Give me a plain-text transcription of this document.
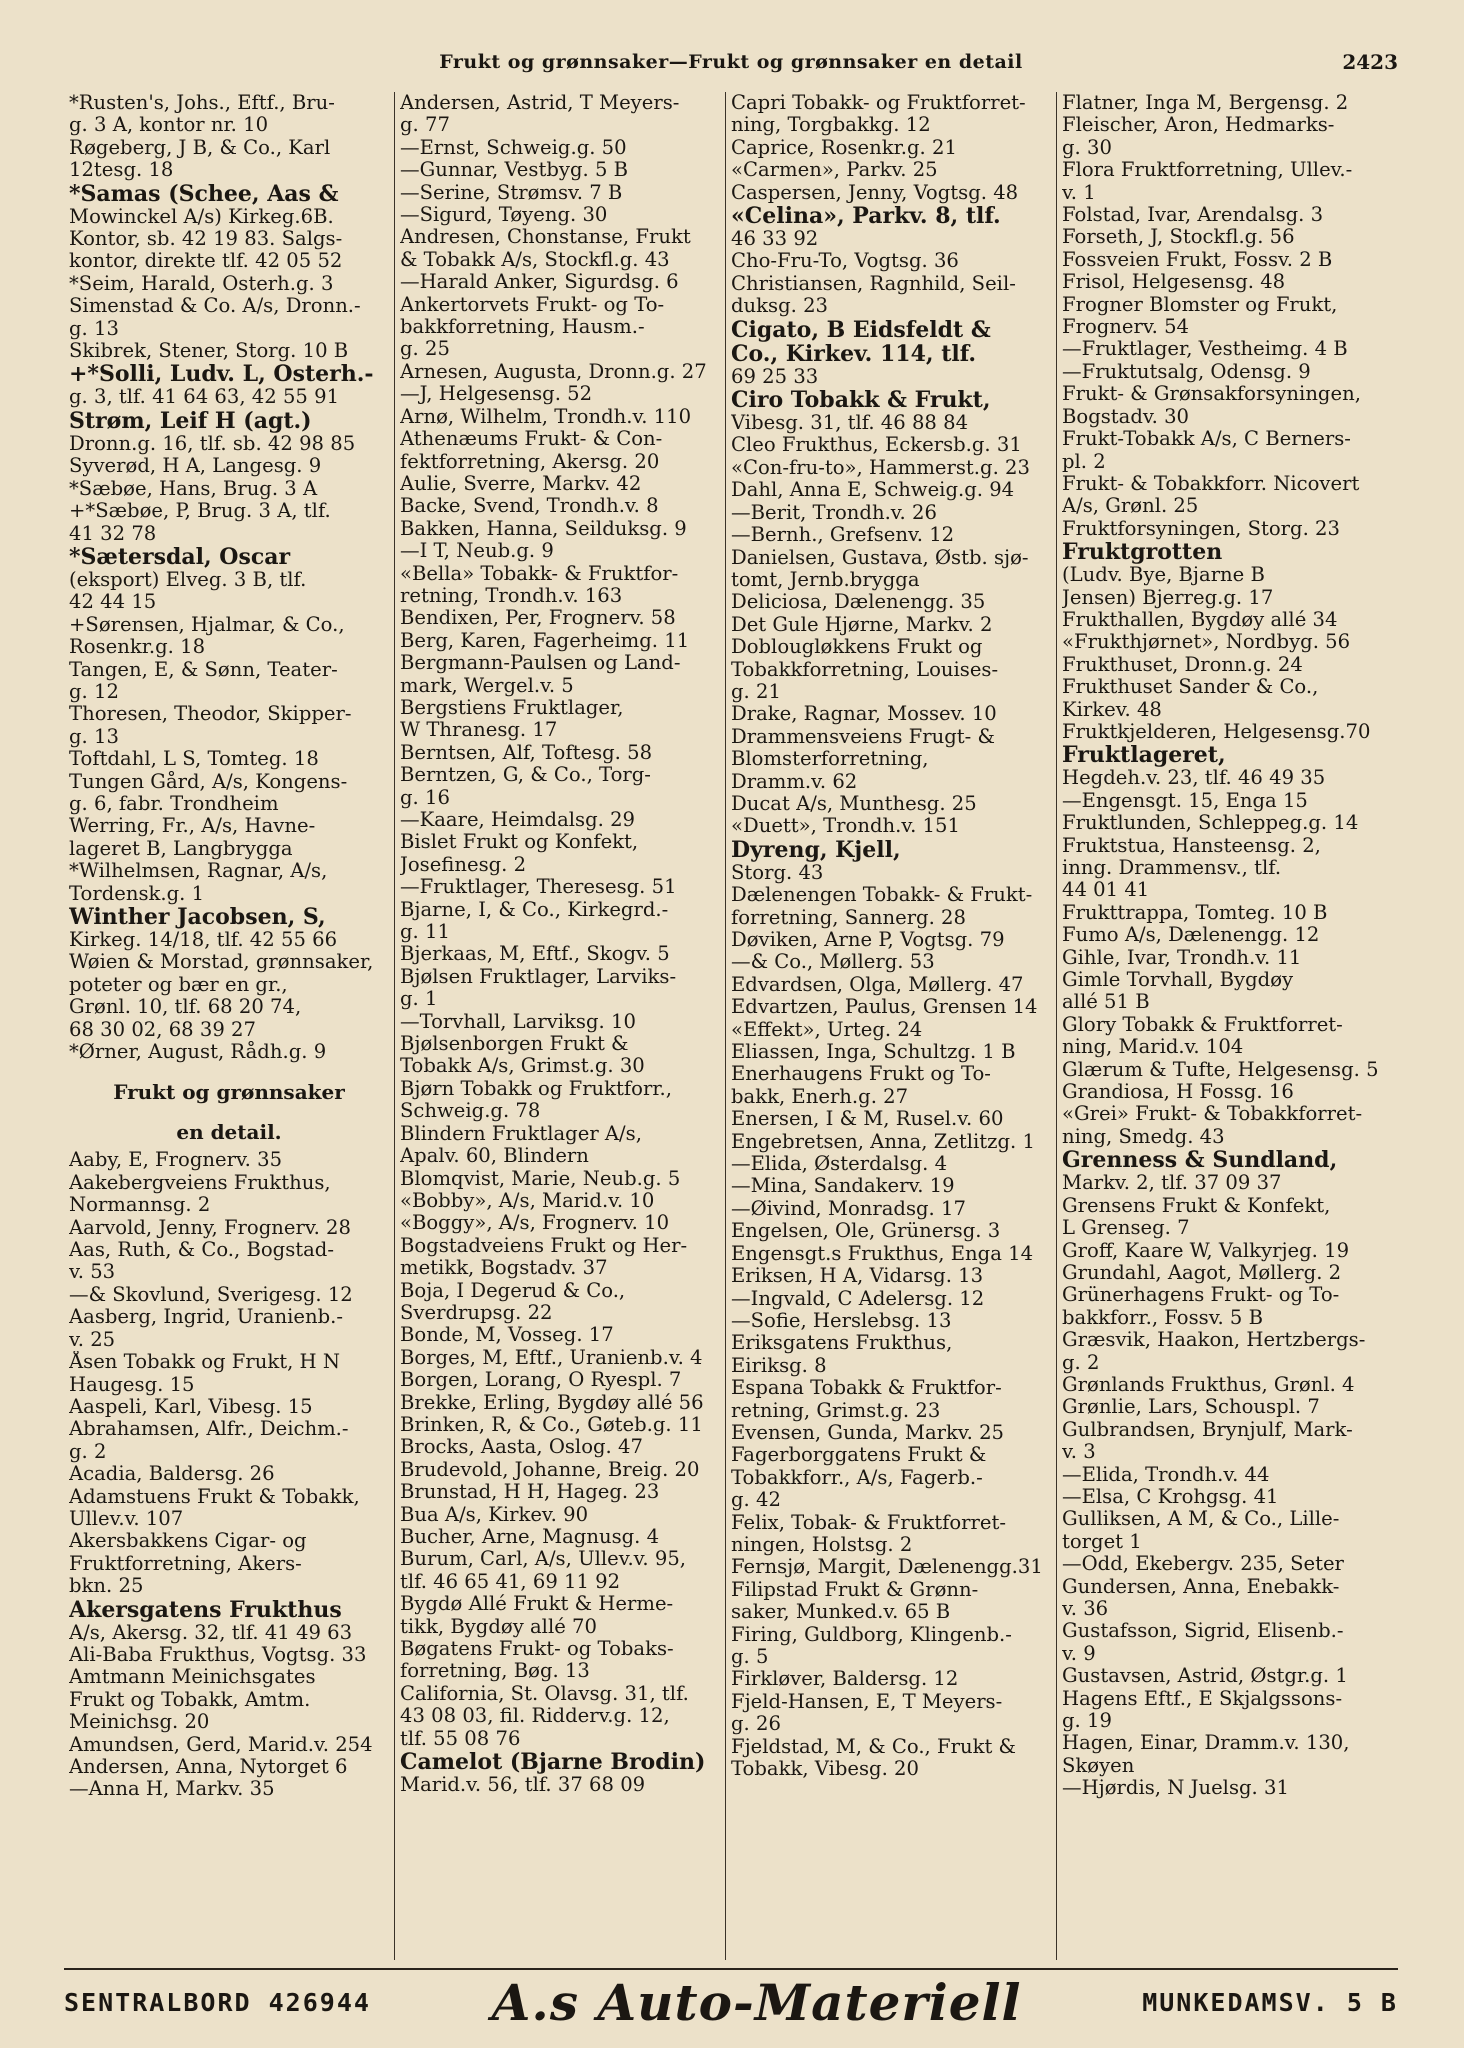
Frukt og grønnsaker—Frukt og grønnsaker en detail	2423
*Rusten's, Johs., Eftf., Bru-
g. 3 A, kontor nr. 10
Røgeberg, J B, & Co., Karl
12tesg. 18
*Samas (Schee, Aas &
Mowinckel A/s) Kirkeg.6B.
Kontor, sb. 42 19 83. Salgs-
kontor, direkte tlf. 42 05 52
*Seim, Harald, Osterh.g. 3
Simenstad & Co. A/s, Dronn.-
g. 13
Skibrek, Stener, Storg. 10 B
+*Solli, Ludv. L, Osterh.-
g. 3, tlf. 41 64 63, 42 55 91
Strøm, Leif H (agt.)
Dronn.g. 16, tlf. sb. 42 98 85
Syverød, H A, Langesg. 9
*Sæbøe, Hans, Brug. 3 A
+*Sæbøe, P, Brug. 3 A, tlf.
41 32 78
*Sætersdal, Oscar
(eksport) Elveg. 3 B, tlf.
42 44 15
+Sørensen, Hjalmar, & Co.,
Rosenkr.g. 18
Tangen, E, & Sønn, Teater-
g. 12
Thoresen, Theodor, Skipper-
g. 13
Toftdahl, L S, Tomteg. 18
Tungen Gård, A/s, Kongens-
g. 6, fabr. Trondheim
Werring, Fr., A/s, Havne-
lageret B, Langbrygga
*Wilhelmsen, Ragnar, A/s,
Tordensk.g. 1
Winther Jacobsen, S,
Kirkeg. 14/18, tlf. 42 55 66
Wøien & Morstad, grønnsaker,
poteter og bær en gr.,
Grønl. 10, tlf. 68 20 74,
68 30 02, 68 39 27
*Ørner, August, Rådh.g. 9
Frukt og grønnsaker
en detail.
Aaby, E, Frognerv. 35
Aakebergveiens Frukthus,
Normannsg. 2
Aarvold, Jenny, Frognerv. 28
Aas, Ruth, & Co., Bogstad-
v. 53
—& Skovlund, Sverigesg. 12
Aasberg, Ingrid, Uranienb.-
v. 25
Åsen Tobakk og Frukt, H N
Haugesg. 15
Aaspeli, Karl, Vibesg. 15
Abrahamsen, Alfr., Deichm.-
g. 2
Acadia, Baldersg. 26
Adamstuens Frukt & Tobakk,
Ullev.v. 107
Akersbakkens Cigar- og
Fruktforretning, Akers-
bkn. 25
Akersgatens Frukthus
A/s, Akersg. 32, tlf. 41 49 63
Ali-Baba Frukthus, Vogtsg. 33
Amtmann Meinichsgates
Frukt og Tobakk, Amtm.
Meinichsg. 20
Amundsen, Gerd, Marid.v. 254
Andersen, Anna, Nytorget 6
—Anna H, Markv. 35
Andersen, Astrid, T Meyers-
g. 77
—Ernst, Schweig.g. 50
—Gunnar, Vestbyg. 5 B
—Serine, Strømsv. 7 B
—Sigurd, Tøyeng. 30
Andresen, Chonstanse, Frukt
& Tobakk A/s, Stockfl.g. 43
—Harald Anker, Sigurdsg. 6
Ankertorvets Frukt- og To-
bakkforretning, Hausm.-
g. 25
Arnesen, Augusta, Dronn.g. 27
—J, Helgesensg. 52
Arnø, Wilhelm, Trondh.v. 110
Athenæums Frukt- & Con-
fektforretning, Akersg. 20
Aulie, Sverre, Markv. 42
Backe, Svend, Trondh.v. 8
Bakken, Hanna, Seilduksg. 9
—I T, Neub.g. 9
«Bella» Tobakk- & Fruktfor-
retning, Trondh.v. 163
Bendixen, Per, Frognerv. 58
Berg, Karen, Fagerheimg. 11
Bergmann-Paulsen og Land-
mark, Wergel.v. 5
Bergstiens Fruktlager,
W Thranesg. 17
Berntsen, Alf, Toftesg. 58
Berntzen, G, & Co., Torg-
g. 16
—Kaare, Heimdalsg. 29
Bislet Frukt og Konfekt,
Josefinesg. 2
—Fruktlager, Theresesg. 51
Bjarne, I, & Co., Kirkegrd.-
g. 11
Bjerkaas, M, Eftf., Skogv. 5
Bjølsen Fruktlager, Larviks-
g. 1
—Torvhall, Larviksg. 10
Bjølsenborgen Frukt &
Tobakk A/s, Grimst.g. 30
Bjørn Tobakk og Fruktforr.,
Schweig.g. 78
Blindern Fruktlager A/s,
Apalv. 60, Blindern
Blomqvist, Marie, Neub.g. 5
«Bobby», A/s, Marid.v. 10
«Boggy», A/s, Frognerv. 10
Bogstadveiens Frukt og Her-
metikk, Bogstadv. 37
Boja, I Degerud & Co.,
Sverdrupsg. 22
Bonde, M, Vosseg. 17
Borges, M, Eftf., Uranienb.v. 4
Borgen, Lorang, O Ryespl. 7
Brekke, Erling, Bygdøy allé 56
Brinken, R, & Co., Gøteb.g. 11
Brocks, Aasta, Oslog. 47
Brudevold, Johanne, Breig. 20
Brunstad, H H, Hageg. 23
Bua A/s, Kirkev. 90
Bucher, Arne, Magnusg. 4
Burum, Carl, A/s, Ullev.v. 95,
tlf. 46 65 41, 69 11 92
Bygdø Allé Frukt & Herme-
tikk, Bygdøy allé 70
Bøgatens Frukt- og Tobaks-
forretning, Bøg. 13
California, St. Olavsg. 31, tlf.
43 08 03, fil. Ridderv.g. 12,
tlf. 55 08 76
Camelot (Bjarne Brodin)
Marid.v. 56, tlf. 37 68 09
Capri Tobakk- og Fruktforret-
ning, Torgbakkg. 12
Caprice, Rosenkr.g. 21
«Carmen», Parkv. 25
Caspersen, Jenny, Vogtsg. 48
«Celina», Parkv. 8, tlf.
46 33 92
Cho-Fru-To, Vogtsg. 36
Christiansen, Ragnhild, Seil-
duksg. 23
Cigato, B Eidsfeldt &
Co., Kirkev. 114, tlf.
69 25 33
Ciro Tobakk & Frukt,
Vibesg. 31, tlf. 46 88 84
Cleo Frukthus, Eckersb.g. 31
«Con-fru-to», Hammerst.g. 23
Dahl, Anna E, Schweig.g. 94
—Berit, Trondh.v. 26
—Bernh., Grefsenv. 12
Danielsen, Gustava, Østb. sjø-
tomt, Jernb.brygga
Deliciosa, Dælenengg. 35
Det Gule Hjørne, Markv. 2
Doblougløkkens Frukt og
Tobakkforretning, Louises-
g. 21
Drake, Ragnar, Mossev. 10
Drammensveiens Frugt- &
Blomsterforretning,
Dramm.v. 62
Ducat A/s, Munthesg. 25
«Duett», Trondh.v. 151
Dyreng, Kjell,
Storg. 43
Dælenengen Tobakk- & Frukt-
forretning, Sannerg. 28
Døviken, Arne P, Vogtsg. 79
—& Co., Møllerg. 53
Edvardsen, Olga, Møllerg. 47
Edvartzen, Paulus, Grensen 14
«Effekt», Urteg. 24
Eliassen, Inga, Schultzg. 1 B
Enerhaugens Frukt og To-
bakk, Enerh.g. 27
Enersen, I & M, Rusel.v. 60
Engebretsen, Anna, Zetlitzg. 1
—Elida, Østerdalsg. 4
—Mina, Sandakerv. 19
—Øivind, Monradsg. 17
Engelsen, Ole, Grünersg. 3
Engensgt.s Frukthus, Enga 14
Eriksen, H A, Vidarsg. 13
—Ingvald, C Adelersg. 12
—Sofie, Herslebsg. 13
Eriksgatens Frukthus,
Eiriksg. 8
Espana Tobakk & Fruktfor-
retning, Grimst.g. 23
Evensen, Gunda, Markv. 25
Fagerborggatens Frukt &
Tobakkforr., A/s, Fagerb.-
g. 42
Felix, Tobak- & Fruktforret-
ningen, Holstsg. 2
Fernsjø, Margit, Dælenengg.31
Filipstad Frukt & Grønn-
saker, Munked.v. 65 B
Firing, Guldborg, Klingenb.-
g. 5
Firkløver, Baldersg. 12
Fjeld-Hansen, E, T Meyers-
g. 26
Fjeldstad, M, & Co., Frukt &
Tobakk, Vibesg. 20
Flatner, Inga M, Bergensg. 2
Fleischer, Aron, Hedmarks-
g. 30
Flora Fruktforretning, Ullev.-
v. 1
Folstad, Ivar, Arendalsg. 3
Forseth, J, Stockfl.g. 56
Fossveien Frukt, Fossv. 2 B
Frisol, Helgesensg. 48
Frogner Blomster og Frukt,
Frognerv. 54
—Fruktlager, Vestheimg. 4 B
—Fruktutsalg, Odensg. 9
Frukt- & Grønsakforsyningen,
Bogstadv. 30
Frukt-Tobakk A/s, C Berners-
pl. 2
Frukt- & Tobakkforr. Nicovert
A/s, Grønl. 25
Fruktforsyningen, Storg. 23
Fruktgrotten
(Ludv. Bye, Bjarne B
Jensen) Bjerreg.g. 17
Frukthallen, Bygdøy allé 34
«Frukthjørnet», Nordbyg. 56
Frukthuset, Dronn.g. 24
Frukthuset Sander & Co.,
Kirkev. 48
Fruktkjelderen, Helgesensg.70
Fruktlageret,
Hegdeh.v. 23, tlf. 46 49 35
—Engensgt. 15, Enga 15
Fruktlunden, Schleppeg.g. 14
Fruktstua, Hansteensg. 2,
inng. Drammensv., tlf.
44 01 41
Frukttrappa, Tomteg. 10 B
Fumo A/s, Dælenengg. 12
Gihle, Ivar, Trondh.v. 11
Gimle Torvhall, Bygdøy
allé 51 B
Glory Tobakk & Fruktforret-
ning, Marid.v. 104
Glærum & Tufte, Helgesensg. 5
Grandiosa, H Fossg. 16
«Grei» Frukt- & Tobakkforret-
ning, Smedg. 43
Grenness & Sundland,
Markv. 2, tlf. 37 09 37
Grensens Frukt & Konfekt,
L Grenseg. 7
Groff, Kaare W, Valkyrjeg. 19
Grundahl, Aagot, Møllerg. 2
Grünerhagens Frukt- og To-
bakkforr., Fossv. 5 B
Græsvik, Haakon, Hertzbergs-
g. 2
Grønlands Frukthus, Grønl. 4
Grønlie, Lars, Schouspl. 7
Gulbrandsen, Brynjulf, Mark-
v. 3
—Elida, Trondh.v. 44
—Elsa, C Krohgsg. 41
Gulliksen, A M, & Co., Lille-
torget 1
—Odd, Ekebergv. 235, Seter
Gundersen, Anna, Enebakk-
v. 36
Gustafsson, Sigrid, Elisenb.-
v. 9
Gustavsen, Astrid, Østgr.g. 1
Hagens Eftf., E Skjalgssons-
g. 19
Hagen, Einar, Dramm.v. 130,
Skøyen
—Hjørdis, N Juelsg. 31
SENTRALBORD 426944 A.s Auto-Materiell	MUNKEDAMSV. 5 B
